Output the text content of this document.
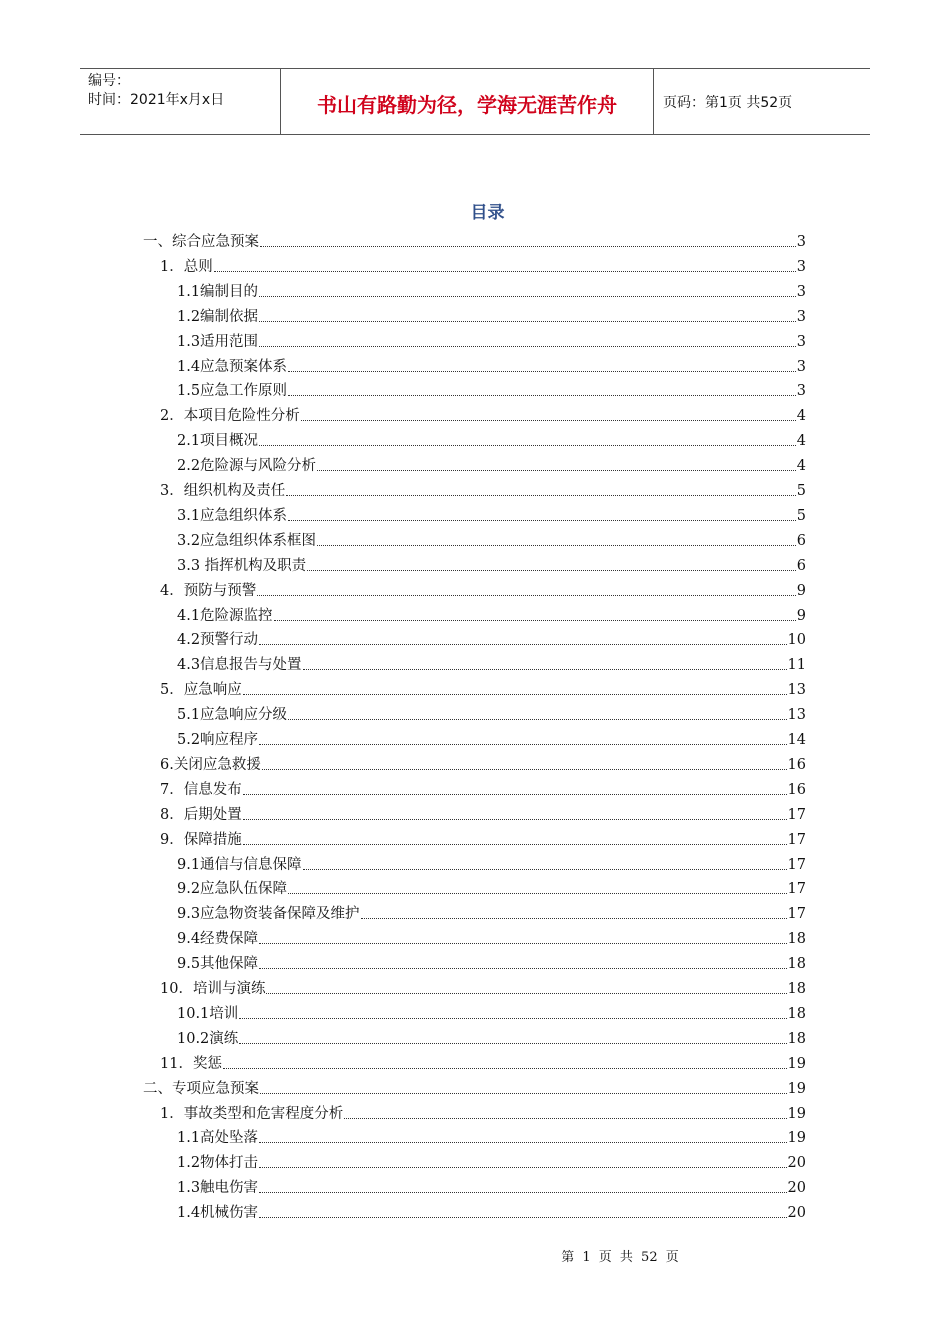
编号：
时间：2021年x月x日	书山有路勤为径，学海无涯苦作舟	页码：第1页 共52页
目录
一、综合应急预案	3
1．总则	3
1.1编制目的	3
1.2编制依据	3
1.3适用范围	3
1.4应急预案体系	3
1.5应急工作原则	3
2．本项目危险性分析	4
2.1项目概况	4
2.2危险源与风险分析	4
3．组织机构及责任	5
3.1应急组织体系	5
3.2应急组织体系框图	6
3.3 指挥机构及职责	6
4．预防与预警	9
4.1危险源监控	9
4.2预警行动	10
4.3信息报告与处置	11
5．应急响应	13
5.1应急响应分级	13
5.2响应程序	14
6.关闭应急救援	16
7．信息发布	16
8．后期处置	17
9．保障措施	17
9.1通信与信息保障	17
9.2应急队伍保障	17
9.3应急物资装备保障及维护	17
9.4经费保障	18
9.5其他保障	18
10．培训与演练	18
10.1培训	18
10.2演练	18
11．奖惩	19
二、专项应急预案	19
1．事故类型和危害程度分析	19
1.1高处坠落	19
1.2物体打击	20
1.3触电伤害	20
1.4机械伤害	20
第 1 页 共 52 页
